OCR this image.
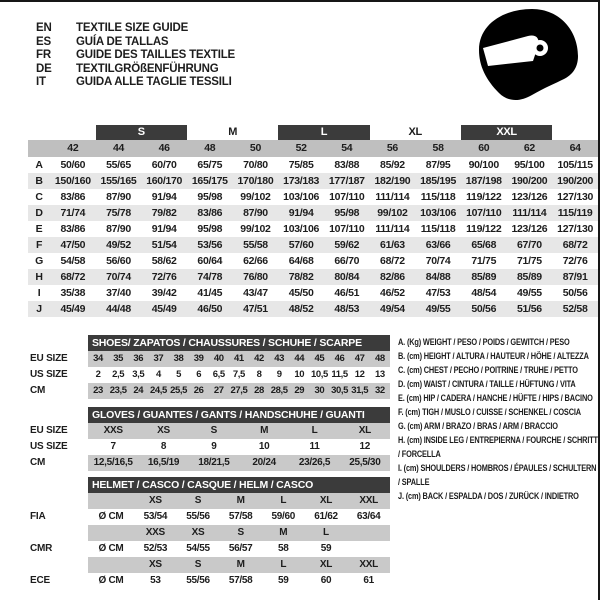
EN	TEXTILE SIZE GUIDE
ES	GUÍA DE TALLAS
FR	GUIDE DES TAILLES TEXTILE
DE	TEXTILGRÖßENFÜHRUNG
IT	GUIDA ALLE TAGLIE TESSILI
		S		M		L		XL		XXL		
	42	44	46	48	50	52	54	56	58	60	62	64
A	50/60	55/65	60/70	65/75	70/80	75/85	83/88	85/92	87/95	90/100	95/100	105/115
B	150/160	155/165	160/170	165/175	170/180	173/183	177/187	182/190	185/195	187/198	190/200	190/200
C	83/86	87/90	91/94	95/98	99/102	103/106	107/110	111/114	115/118	119/122	123/126	127/130
D	71/74	75/78	79/82	83/86	87/90	91/94	95/98	99/102	103/106	107/110	111/114	115/119
E	83/86	87/90	91/94	95/98	99/102	103/106	107/110	111/114	115/118	119/122	123/126	127/130
F	47/50	49/52	51/54	53/56	55/58	57/60	59/62	61/63	63/66	65/68	67/70	68/72
G	54/58	56/60	58/62	60/64	62/66	64/68	66/70	68/72	70/74	71/75	71/75	72/76
H	68/72	70/74	72/76	74/78	76/80	78/82	80/84	82/86	84/88	85/89	85/89	87/91
I	35/38	37/40	39/42	41/45	43/47	45/50	46/51	46/52	47/53	48/54	49/55	50/56
J	45/49	44/48	45/49	46/50	47/51	48/52	48/53	49/54	49/55	50/56	51/56	52/58
	SHOES/ ZAPATOS / CHAUSSURES / SCHUHE / SCARPE														
EU SIZE	34	35	36	37	38	39	40	41	42	43	44	45	46	47	48
US SIZE	2	2,5	3,5	4	5	6	6,5	7,5	8	9	10	10,5	11,5	12	13
CM	23	23,5	24	24,5	25,5	26	27	27,5	28	28,5	29	30	30,5	31,5	32
	GLOVES / GUANTES / GANTS / HANDSCHUHE / GUANTI					
EU SIZE	XXS	XS	S	M	L	XL
US SIZE	7	8	9	10	11	12
CM	12,5/16,5	16,5/19	18/21,5	20/24	23/26,5	25,5/30
	HELMET / CASCO / CASQUE / HELM / CASCO						
		XS	S	M	L	XL	XXL
FIA	Ø CM	53/54	55/56	57/58	59/60	61/62	63/64
		XXS	XS	S	M	L	
CMR	Ø CM	52/53	54/55	56/57	58	59	
		XS	S	M	L	XL	XXL
ECE	Ø CM	53	55/56	57/58	59	60	61
A. (Kg) WEIGHT / PESO / POIDS / GEWITCH / PESO
B. (cm) HEIGHT / ALTURA / HAUTEUR / HÖHE / ALTEZZA
C. (cm) CHEST / PECHO / POITRINE / TRUHE / PETTO
D. (cm) WAIST / CINTURA / TAILLE / HÜFTUNG / VITA
E. (cm) HIP / CADERA / HANCHE / HÜFTE / HIPS / BACINO
F. (cm) TIGH / MUSLO / CUISSE / SCHENKEL / COSCIA
G. (cm) ARM / BRAZO / BRAS / ARM / BRACCIO
H. (cm) INSIDE LEG / ENTREPIERNA / FOURCHE / SCHRITT / FORCELLA
I. (cm) SHOULDERS / HOMBROS / ÉPAULES / SCHULTERN / SPALLE
J. (cm) BACK / ESPALDA / DOS / ZURÜCK / INDIETRO
